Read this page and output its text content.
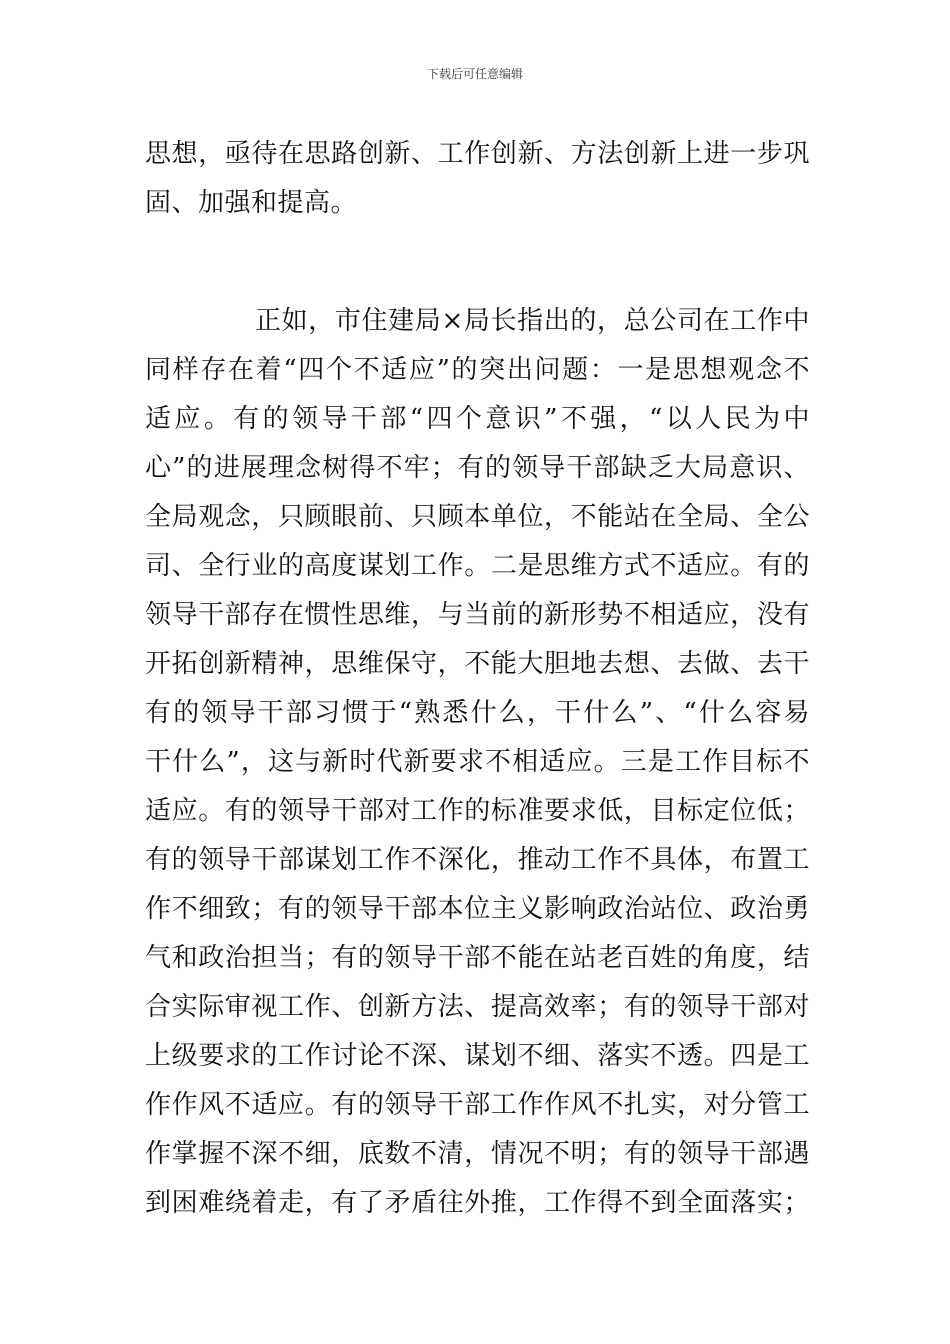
下载后可任意编辑
思想，亟待在思路创新、工作创新、方法创新上进一步巩
固、加强和提高。
正如，市住建局×局长指出的，总公司在工作中
同样存在着“四个不适应”的突出问题：一是思想观念不
适应。有的领导干部“四个意识”不强，“以人民为中
心”的进展理念树得不牢；有的领导干部缺乏大局意识、
全局观念，只顾眼前、只顾本单位，不能站在全局、全公
司、全行业的高度谋划工作。二是思维方式不适应。有的
领导干部存在惯性思维，与当前的新形势不相适应，没有
开拓创新精神，思维保守，不能大胆地去想、去做、去干
有的领导干部习惯于“熟悉什么，干什么”、“什么容易
干什么”，这与新时代新要求不相适应。三是工作目标不
适应。有的领导干部对工作的标准要求低，目标定位低；
有的领导干部谋划工作不深化，推动工作不具体，布置工
作不细致；有的领导干部本位主义影响政治站位、政治勇
气和政治担当；有的领导干部不能在站老百姓的角度，结
合实际审视工作、创新方法、提高效率；有的领导干部对
上级要求的工作讨论不深、谋划不细、落实不透。四是工
作作风不适应。有的领导干部工作作风不扎实，对分管工
作掌握不深不细，底数不清，情况不明；有的领导干部遇
到困难绕着走，有了矛盾往外推，工作得不到全面落实；
